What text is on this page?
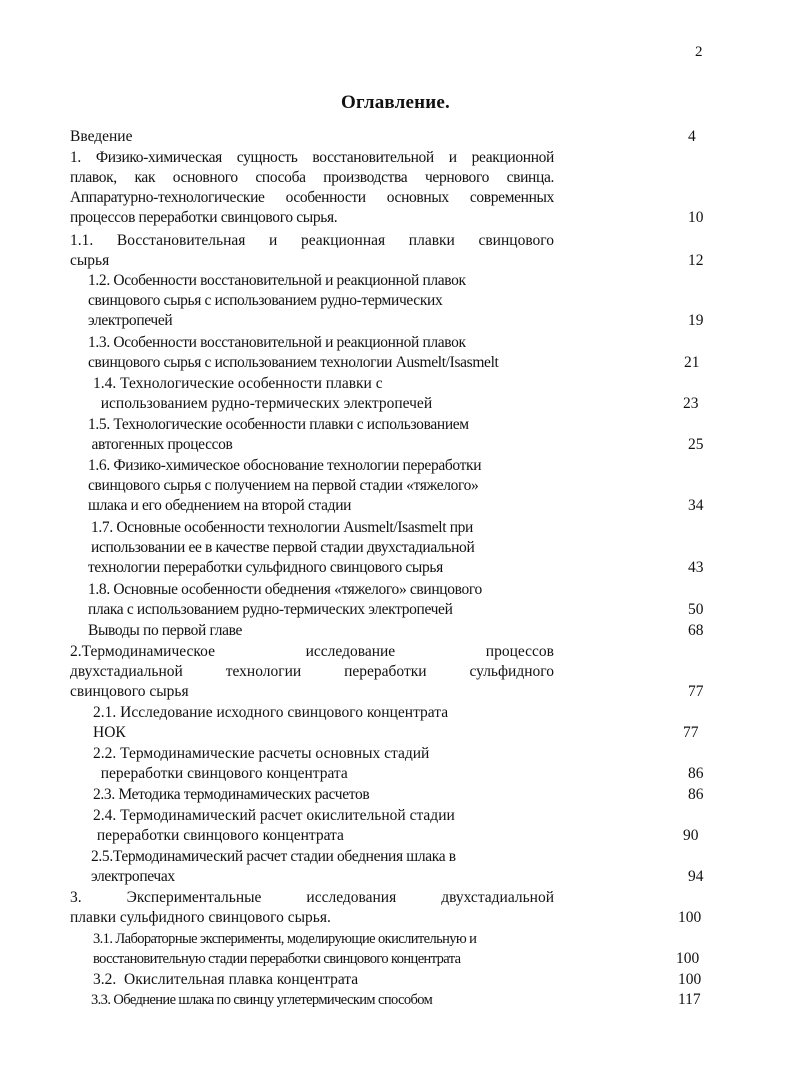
2
Оглавление.
Введение	4
1. Физико-химическая сущность восстановительной и реакционной
плавок, как основного способа производства чернового свинца.
Аппаратурно-технологические особенности основных современных
процессов переработки свинцового сырья.	10
1.1. Восстановительная и реакционная плавки свинцового
сырья	12
1.2. Особенности восстановительной и реакционной плавок
свинцового сырья с использованием рудно-термических
электропечей	19
1.3. Особенности восстановительной и реакционной плавок
свинцового сырья с использованием технологии Ausmelt/Isasmelt	21
1.4. Технологические особенности плавки с
использованием рудно-термических электропечей	23
1.5. Технологические особенности плавки с использованием
автогенных процессов	25
1.6. Физико-химическое обоснование технологии переработки
свинцового сырья с получением на первой стадии «тяжелого»
шлака и его обеднением на второй стадии	34
1.7. Основные особенности технологии Ausmelt/Isasmelt при
использовании ее в качестве первой стадии двухстадиальной
технологии переработки сульфидного свинцового сырья	43
1.8. Основные особенности обеднения «тяжелого» свинцового
плака с использованием рудно-термических электропечей	50
Выводы по первой главе	68
2.Термодинамическое исследование процессов
двухстадиальной технологии переработки сульфидного
свинцового сырья	77
2.1. Исследование исходного свинцового концентрата
НОК	77
2.2. Термодинамические расчеты основных стадий
переработки свинцового концентрата	86
2.3. Методика термодинамических расчетов	86
2.4. Термодинамический расчет окислительной стадии
переработки свинцового концентрата	90
2.5.Термодинамический расчет стадии обеднения шлака в
электропечах	94
3. Экспериментальные исследования двухстадиальной
плавки сульфидного свинцового сырья.	100
3.1. Лабораторные эксперименты, моделирующие окислительную и
восстановительную стадии переработки свинцового концентрата	100
3.2.  Окислительная плавка концентрата	100
3.3. Обеднение шлака по свинцу углетермическим способом	117
